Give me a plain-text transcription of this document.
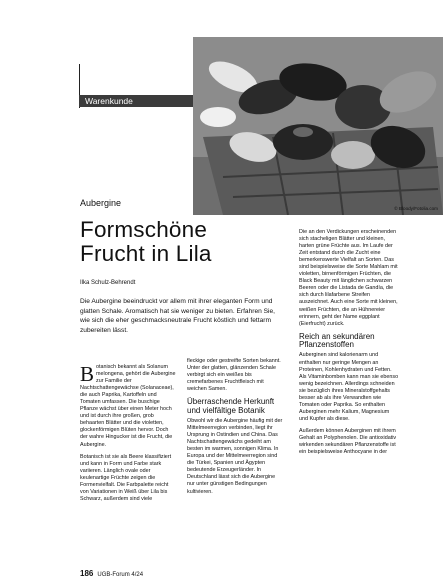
Warenkunde
© Bloody/Fotolia.com
Aubergine
Formschöne
Frucht in Lila
Ilka Schulz-Behrendt
Die Aubergine beeindruckt vor allem mit ihrer eleganten Form und glatten Schale. Aromatisch hat sie weniger zu bieten. Erfahren Sie, wie sich die eher geschmacksneutrale Frucht köstlich und fettarm zubereiten lässt.

Botanisch bekannt als Solanum melongena, gehört die Aubergine zur Familie der Nachtschattengewächse (Solanaceae), die auch Paprika, Kartoffeln und Tomaten umfassen. Die buschige Pflanze wächst über einen Meter hoch und ist durch ihre großen, grob behaarten Blätter und die violetten, glockenförmigen Blüten hervor. Doch der wahre Hingucker ist die Frucht, die Aubergine.

Botanisch ist sie als Beere klassifiziert und kann in Form und Farbe stark variieren. Länglich ovale oder keulenartige Früchte zeigen die Formenvielfalt. Die Farbpalette reicht von Variationen in Weiß über Lila bis Schwarz, außerdem sind viele

fleckige oder gestreifte Sorten bekannt. Unter der glatten, glänzenden Schale verbirgt sich ein weißes bis cremefarbenes Fruchtfleisch mit weichen Samen.

Überraschende Herkunft und vielfältige Botanik

Obwohl wir die Aubergine häufig mit der Mittelmeerregion verbinden, liegt ihr Ursprung in Ostindien und China. Das Nachtschattengewächs gedeiht am besten im warmen, sonnigen Klima. In Europa und der Mittelmeerregion sind die Türkei, Spanien und Ägypten bedeutende Erzeugerländer. In Deutschland lässt sich die Aubergine nur unter günstigen Bedingungen kultivieren.

Die an den Verdickungen erscheinenden sich stacheligen Blätter und kleinen, harten grüne Früchte aus. Im Laufe der Zeit entstand durch die Zucht eine bemerkenswerte Vielfalt an Sorten. Das sind beispielsweise die Sorte Mahlam mit violetten, birnenförmigen Früchten, die Black Beauty mit länglichen schwarzen Beeren oder die Listada de Gandía, die sich durch lilafarbene Streifen auszeichnet. Auch eine Sorte mit kleinen, weißen Früchten, die an Hühnereier erinnern, geht der Name eggplant (Eierfrucht) zurück.

Reich an sekundären Pflanzenstoffen

Auberginen sind kalorienarm und enthalten nur geringe Mengen an Proteinen, Kohlenhydraten und Fetten. Als Vitaminbomben kann man sie ebenso wenig bezeichnen. Allerdings schneiden sie bezüglich ihres Mineralstoffgehalts besser ab als ihre Verwandten wie Tomaten oder Paprika. So enthalten Auberginen mehr Kalium, Magnesium und Kupfer als diese.

Außerdem können Auberginen mit ihrem Gehalt an Polyphenolen. Die antioxidativ wirkenden sekundären Pflanzenstoffe ist ein beispielsweise Anthocyane in der

186 UGB-Forum 4/24
